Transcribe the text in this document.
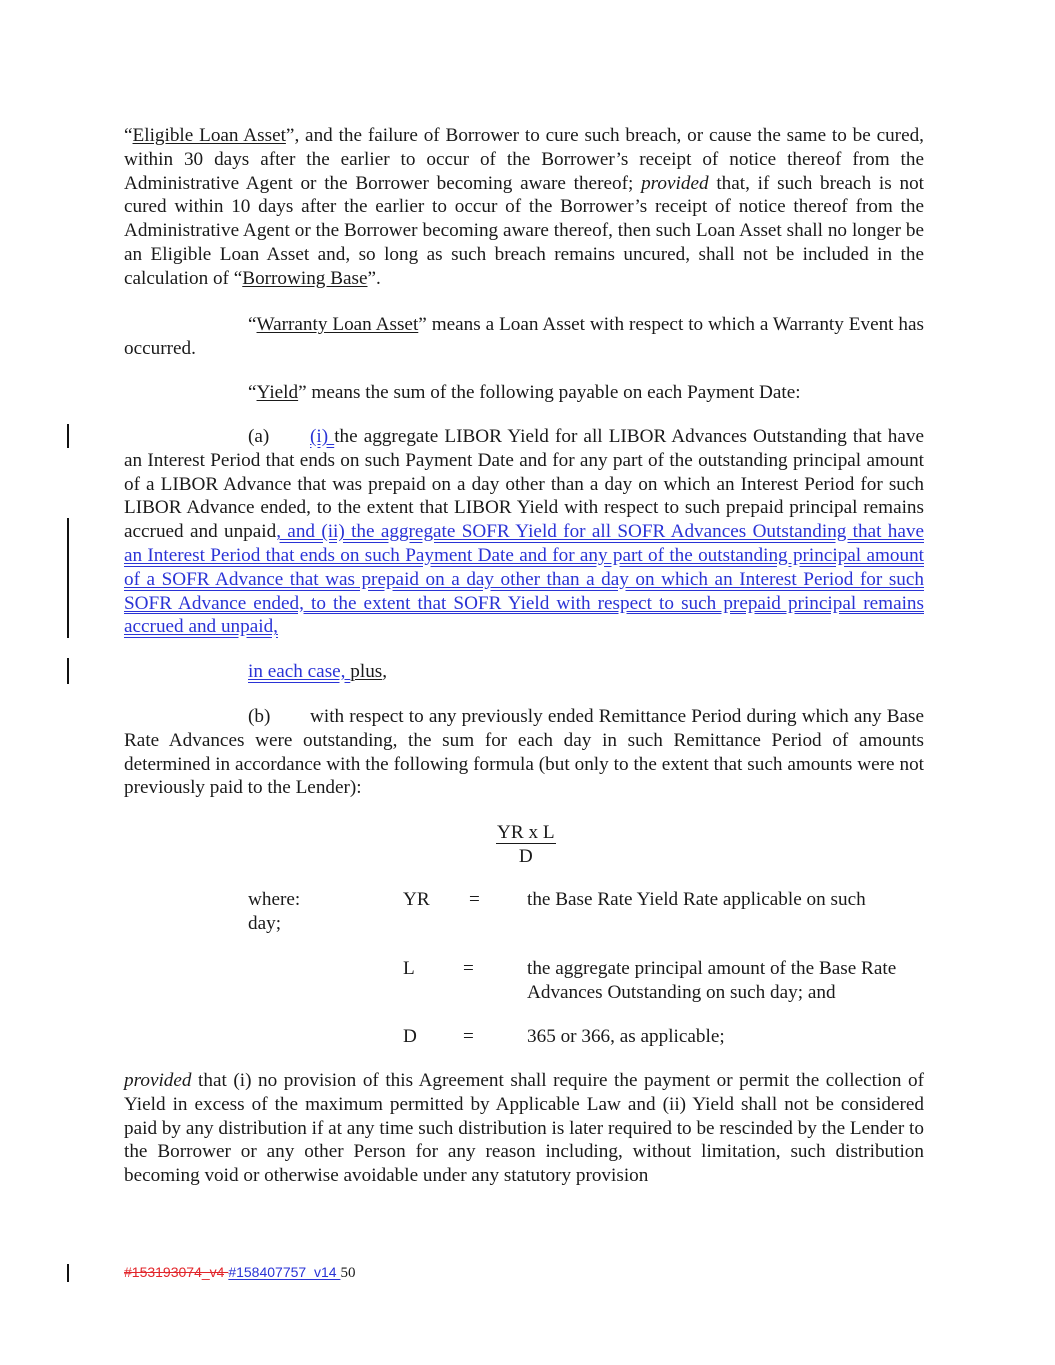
“Eligible Loan Asset”, and the failure of Borrower to cure such breach, or cause the same to be cured, within 30 days after the earlier to occur of the Borrower’s receipt of notice thereof from the Administrative Agent or the Borrower becoming aware thereof; provided that, if such breach is not cured within 10 days after the earlier to occur of the Borrower’s receipt of notice thereof from the Administrative Agent or the Borrower becoming aware thereof, then such Loan Asset shall no longer be an Eligible Loan Asset and, so long as such breach remains uncured, shall not be included in the calculation of “Borrowing Base”.

“Warranty Loan Asset” means a Loan Asset with respect to which a Warranty Event has occurred.

“Yield” means the sum of the following payable on each Payment Date:

(a) (i) the aggregate LIBOR Yield for all LIBOR Advances Outstanding that have an Interest Period that ends on such Payment Date and for any part of the outstanding principal amount of a LIBOR Advance that was prepaid on a day other than a day on which an Interest Period for such LIBOR Advance ended, to the extent that LIBOR Yield with respect to such prepaid principal remains accrued and unpaid, and (ii) the aggregate SOFR Yield for all SOFR Advances Outstanding that have an Interest Period that ends on such Payment Date and for any part of the outstanding principal amount of a SOFR Advance that was prepaid on a day other than a day on which an Interest Period for such SOFR Advance ended, to the extent that SOFR Yield with respect to such prepaid principal remains accrued and unpaid,

in each case, plus,

(b) with respect to any previously ended Remittance Period during which any Base Rate Advances were outstanding, the sum for each day in such Remittance Period of amounts determined in accordance with the following formula (but only to the extent that such amounts were not previously paid to the Lender):

$\frac{\text{YR x L}}{D}$
where:
day;
YR = the Base Rate Yield Rate applicable on such
L	=	the aggregate principal amount of the Base Rate
Advances Outstanding on such day; and
D =	365 or 366, as applicable;

provided that (i) no provision of this Agreement shall require the payment or permit the collection of Yield in excess of the maximum permitted by Applicable Law and (ii) Yield shall not be considered paid by any distribution if at any time such distribution is later required to be rescinded by the Lender to the Borrower or any other Person for any reason including, without limitation, such distribution becoming void or otherwise avoidable under any statutory provision

#153193074_v4 #158407757_v14 50
